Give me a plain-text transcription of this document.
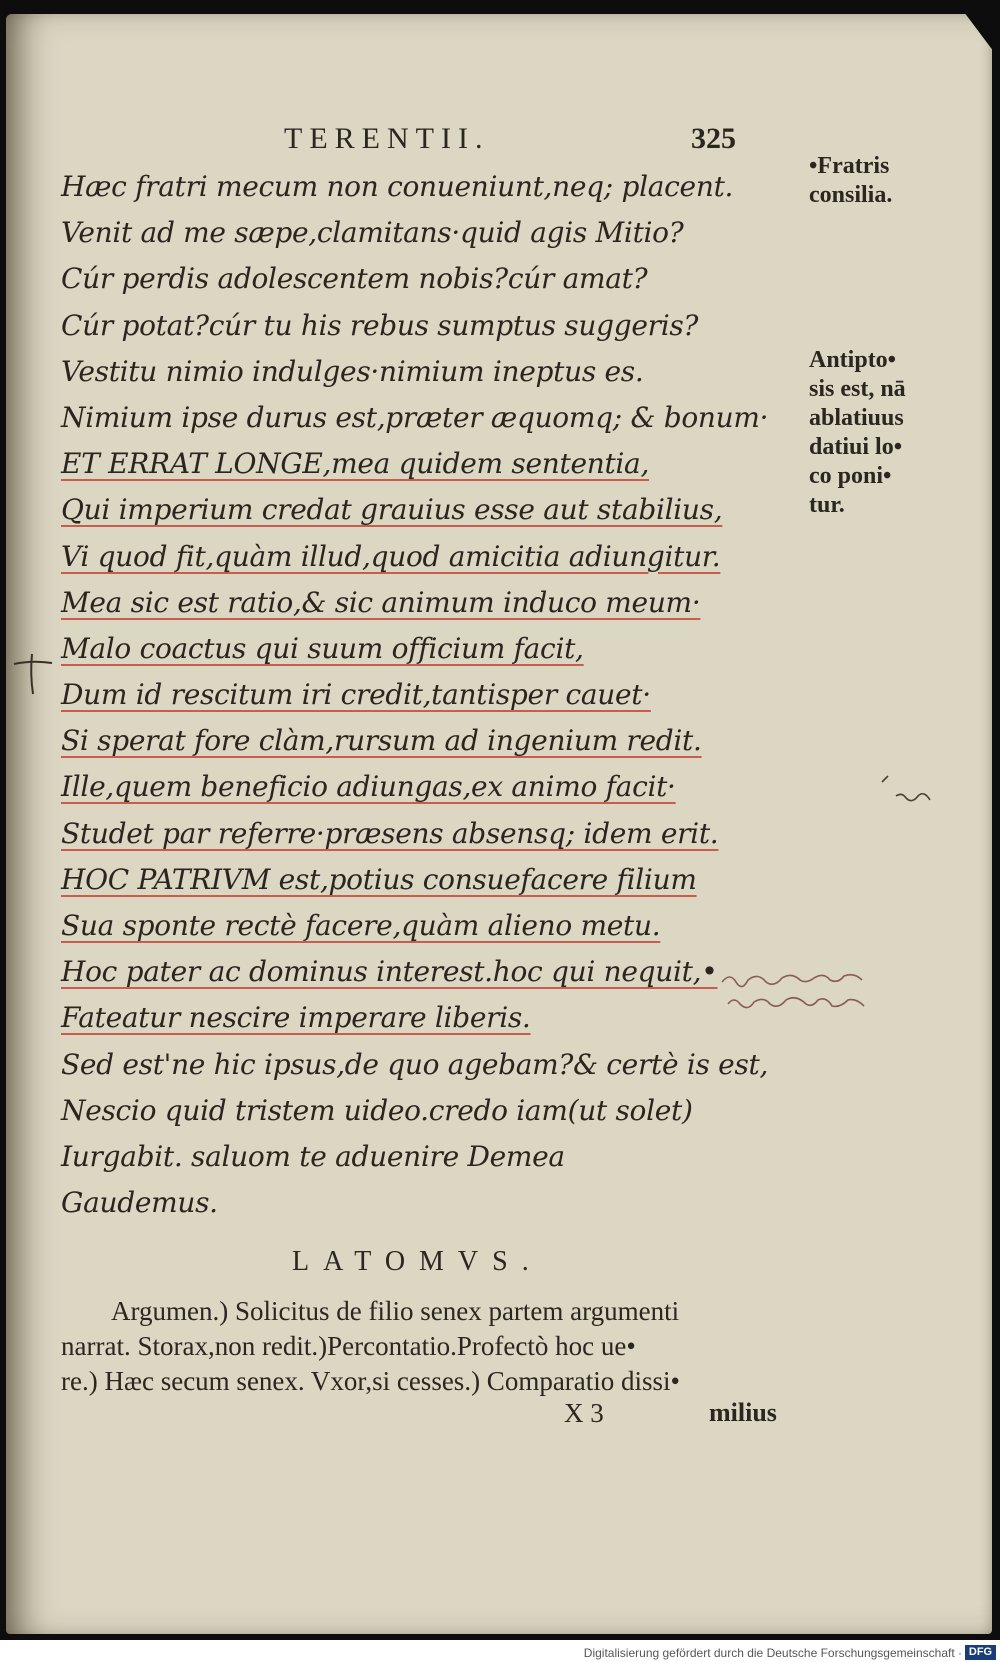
TERENTII.	325
Hæc fratri mecum non conueniunt,neq; placent.
Venit ad me sæpe,clamitans·quid agis Mitio?
Cúr perdis adolescentem nobis?cúr amat?
Cúr potat?cúr tu his rebus sumptus suggeris?
Vestitu nimio indulges·nimium ineptus es.
Nimium ipse durus est,præter æquomq; & bonum·
ET ERRAT LONGE,mea quidem sententia,
Qui imperium credat grauius esse aut stabilius,
Vi quod fit,quàm illud,quod amicitia adiungitur.
Mea sic est ratio,& sic animum induco meum·
Malo coactus qui suum officium facit,
Dum id rescitum iri credit,tantisper cauet·
Si sperat fore clàm,rursum ad ingenium redit.
Ille,quem beneficio adiungas,ex animo facit·
Studet par referre·præsens absensq; idem erit.
HOC PATRIVM est,potius consuefacere filium
Sua sponte rectè facere,quàm alieno metu.
Hoc pater ac dominus interest.hoc qui nequit,•
Fateatur nescire imperare liberis.
Sed est'ne hic ipsus,de quo agebam?& certè is est,
Nescio quid tristem uideo.credo iam(ut solet)
Iurgabit. saluom te aduenire Demea
Gaudemus.
•Fratris
consilia.
Antipto•
sis est, nā
ablatiuus
datiui lo•
co poni•
tur.
LATOMVS.
Argumen.) Solicitus de filio senex partem argumenti
narrat. Storax,non redit.)Percontatio.Profectò hoc ue•
re.) Hæc secum senex. Vxor,si cesses.) Comparatio dissi•
X 3	milius
Digitalisierung gefördert durch die Deutsche Forschungsgemeinschaft · DFG
